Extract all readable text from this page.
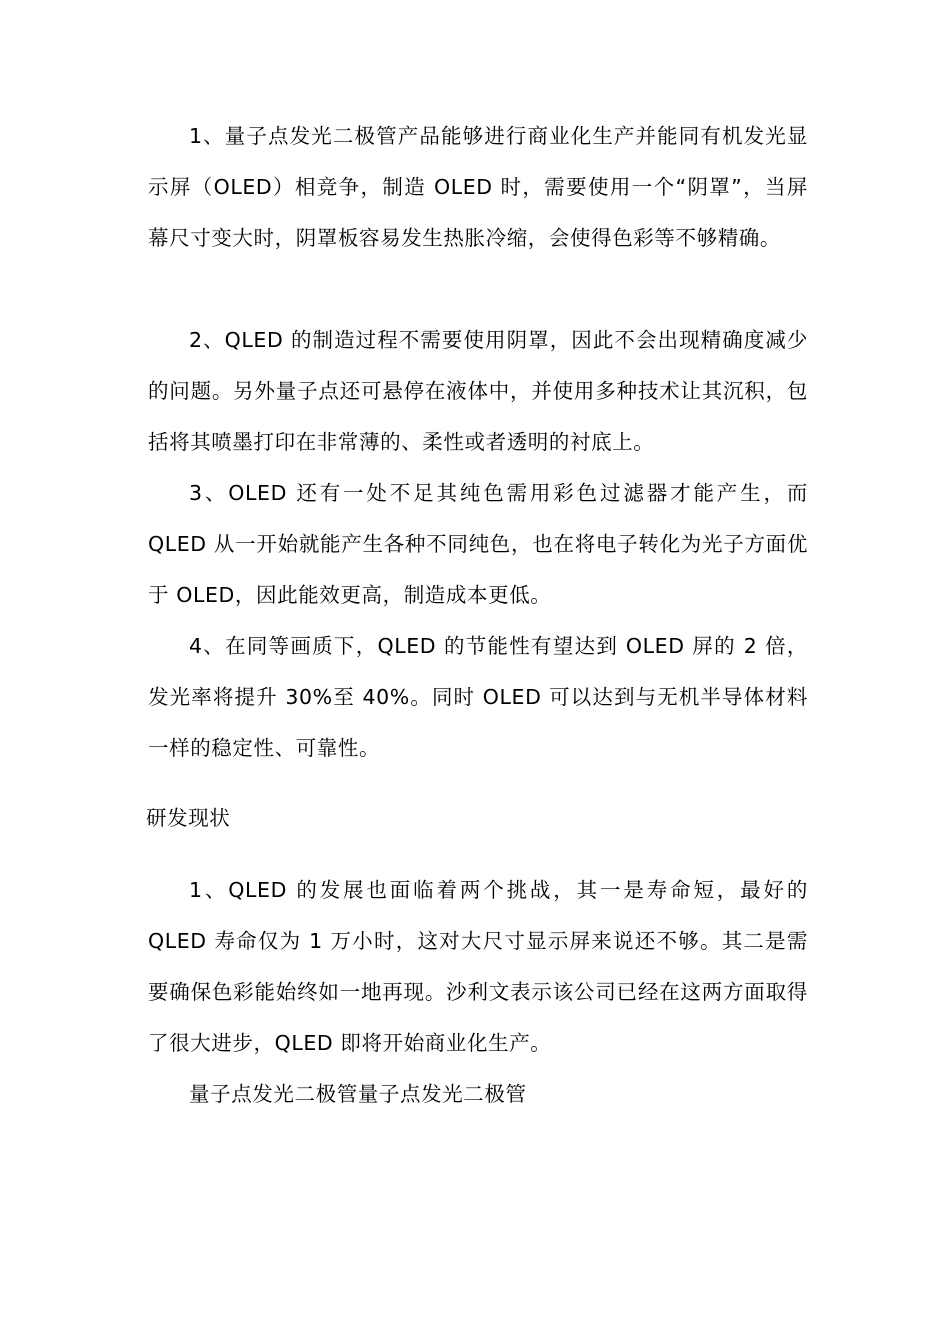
1、量子点发光二极管产品能够进行商业化生产并能同有机发光显示屏（OLED）相竞争，制造 OLED 时，需要使用一个“阴罩”，当屏幕尺寸变大时，阴罩板容易发生热胀冷缩，会使得色彩等不够精确。

2、QLED 的制造过程不需要使用阴罩，因此不会出现精确度减少的问题。另外量子点还可悬停在液体中，并使用多种技术让其沉积，包括将其喷墨打印在非常薄的、柔性或者透明的衬底上。

3、OLED 还有一处不足其纯色需用彩色过滤器才能产生，而 QLED 从一开始就能产生各种不同纯色，也在将电子转化为光子方面优于 OLED，因此能效更高，制造成本更低。

4、在同等画质下，QLED 的节能性有望达到 OLED 屏的 2 倍，发光率将提升 30%至 40%。同时 OLED 可以达到与无机半导体材料一样的稳定性、可靠性。

研发现状

1、QLED 的发展也面临着两个挑战，其一是寿命短，最好的 QLED 寿命仅为 1 万小时，这对大尺寸显示屏来说还不够。其二是需要确保色彩能始终如一地再现。沙利文表示该公司已经在这两方面取得了很大进步，QLED 即将开始商业化生产。

量子点发光二极管量子点发光二极管
